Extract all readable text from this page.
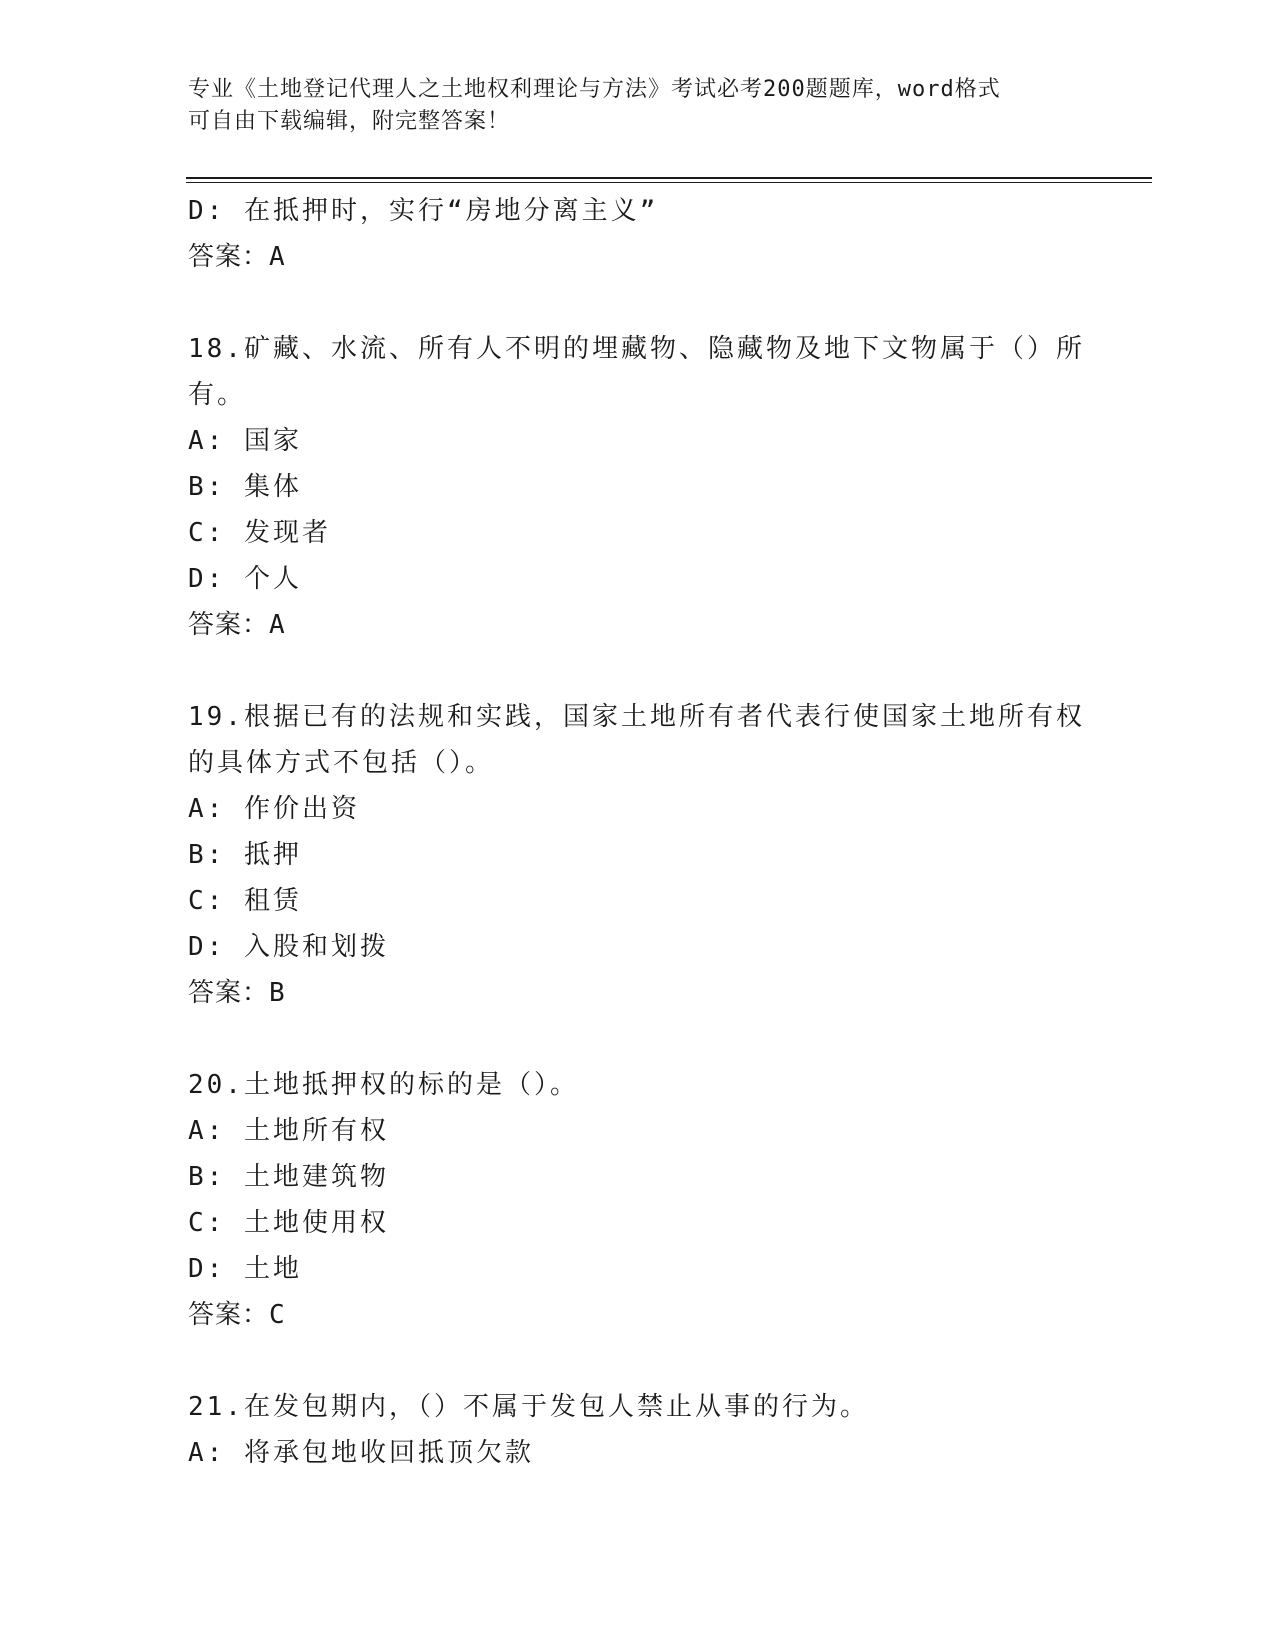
专业《土地登记代理人之土地权利理论与方法》考试必考200题题库，word格式
可自由下载编辑，附完整答案！
D: 在抵押时，实行“房地分离主义”
答案：A
18.矿藏、水流、所有人不明的埋藏物、隐藏物及地下文物属于（）所
有。
A: 国家
B: 集体
C: 发现者
D: 个人
答案：A
19.根据已有的法规和实践，国家土地所有者代表行使国家土地所有权
的具体方式不包括（）。
A: 作价出资
B: 抵押
C: 租赁
D: 入股和划拨
答案：B
20.土地抵押权的标的是（）。
A: 土地所有权
B: 土地建筑物
C: 土地使用权
D: 土地
答案：C
21.在发包期内，（）不属于发包人禁止从事的行为。
A: 将承包地收回抵顶欠款
